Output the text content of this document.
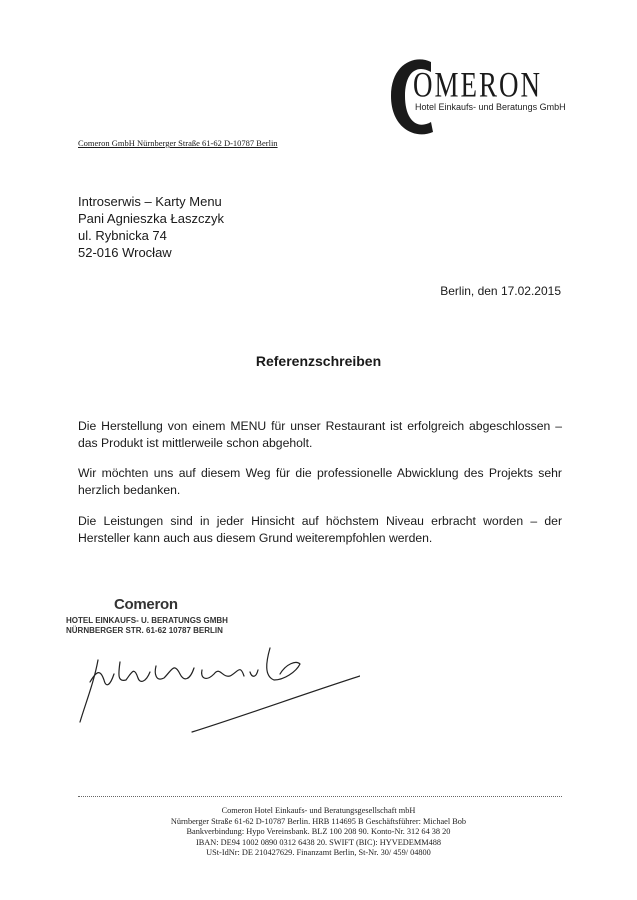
OMERON
Hotel Einkaufs- und Beratungs GmbH
Comeron GmbH Nürnberger Straße 61-62 D-10787 Berlin
Introserwis – Karty Menu
Pani Agnieszka Łaszczyk
ul. Rybnicka 74
52-016 Wrocław
Berlin, den 17.02.2015
Referenzschreiben
Die Herstellung von einem MENU für unser Restaurant ist erfolgreich abgeschlossen – das Produkt ist mittlerweile schon abgeholt.
Wir möchten uns auf diesem Weg für die professionelle Abwicklung des Projekts sehr herzlich bedanken.
Die Leistungen sind in jeder Hinsicht auf höchstem Niveau erbracht worden – der Hersteller kann auch aus diesem Grund weiterempfohlen werden.
Comeron
HOTEL EINKAUFS- U. BERATUNGS GMBH
NÜRNBERGER STR. 61-62 10787 BERLIN
Comeron Hotel Einkaufs- und Beratungsgesellschaft mbH
Nürnberger Straße 61-62 D-10787 Berlin. HRB 114695 B Geschäftsführer: Michael Bob
Bankverbindung: Hypo Vereinsbank. BLZ 100 208 90. Konto-Nr. 312 64 38 20
IBAN: DE94 1002 0890 0312 6438 20. SWIFT (BIC): HYVEDEMM488
USt-IdNr: DE 210427629. Finanzamt Berlin, St-Nr. 30/ 459/ 04800
